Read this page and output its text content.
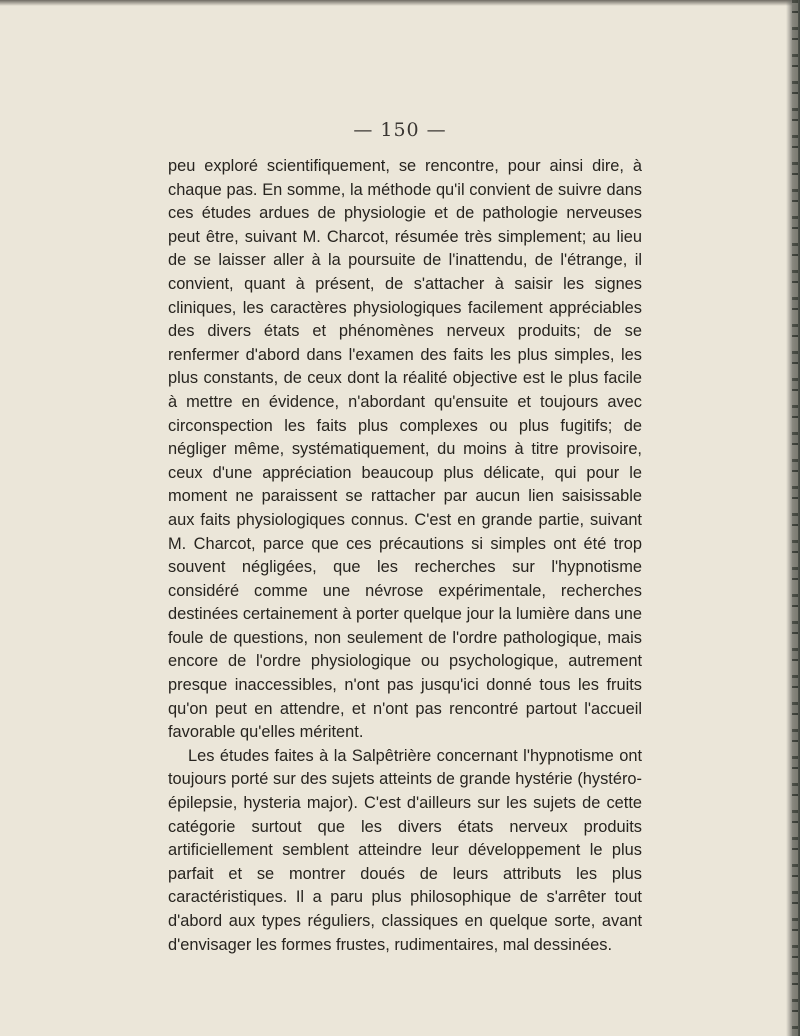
— 150 —

peu exploré scientifiquement, se rencontre, pour ainsi dire, à chaque pas. En somme, la méthode qu'il convient de suivre dans ces études ardues de physiologie et de pathologie nerveuses peut être, suivant M. Charcot, résumée très simplement; au lieu de se laisser aller à la poursuite de l'inattendu, de l'étrange, il convient, quant à présent, de s'attacher à saisir les signes cliniques, les caractères physiologiques facilement appréciables des divers états et phénomènes nerveux produits; de se renfermer d'abord dans l'examen des faits les plus simples, les plus constants, de ceux dont la réalité objective est le plus facile à mettre en évidence, n'abordant qu'ensuite et toujours avec circonspection les faits plus complexes ou plus fugitifs; de négliger même, systématiquement, du moins à titre provisoire, ceux d'une appréciation beaucoup plus délicate, qui pour le moment ne paraissent se rattacher par aucun lien saisissable aux faits physiologiques connus. C'est en grande partie, suivant M. Charcot, parce que ces précautions si simples ont été trop souvent négligées, que les recherches sur l'hypnotisme considéré comme une névrose expérimentale, recherches destinées certainement à porter quelque jour la lumière dans une foule de questions, non seulement de l'ordre pathologique, mais encore de l'ordre physiologique ou psychologique, autrement presque inaccessibles, n'ont pas jusqu'ici donné tous les fruits qu'on peut en attendre, et n'ont pas rencontré partout l'accueil favorable qu'elles méritent.

Les études faites à la Salpêtrière concernant l'hypnotisme ont toujours porté sur des sujets atteints de grande hystérie (hystéro-épilepsie, hysteria major). C'est d'ailleurs sur les sujets de cette catégorie surtout que les divers états nerveux produits artificiellement semblent atteindre leur développement le plus parfait et se montrer doués de leurs attributs les plus caractéristiques. Il a paru plus philosophique de s'arrêter tout d'abord aux types réguliers, classiques en quelque sorte, avant d'envisager les formes frustes, rudimentaires, mal dessinées.
